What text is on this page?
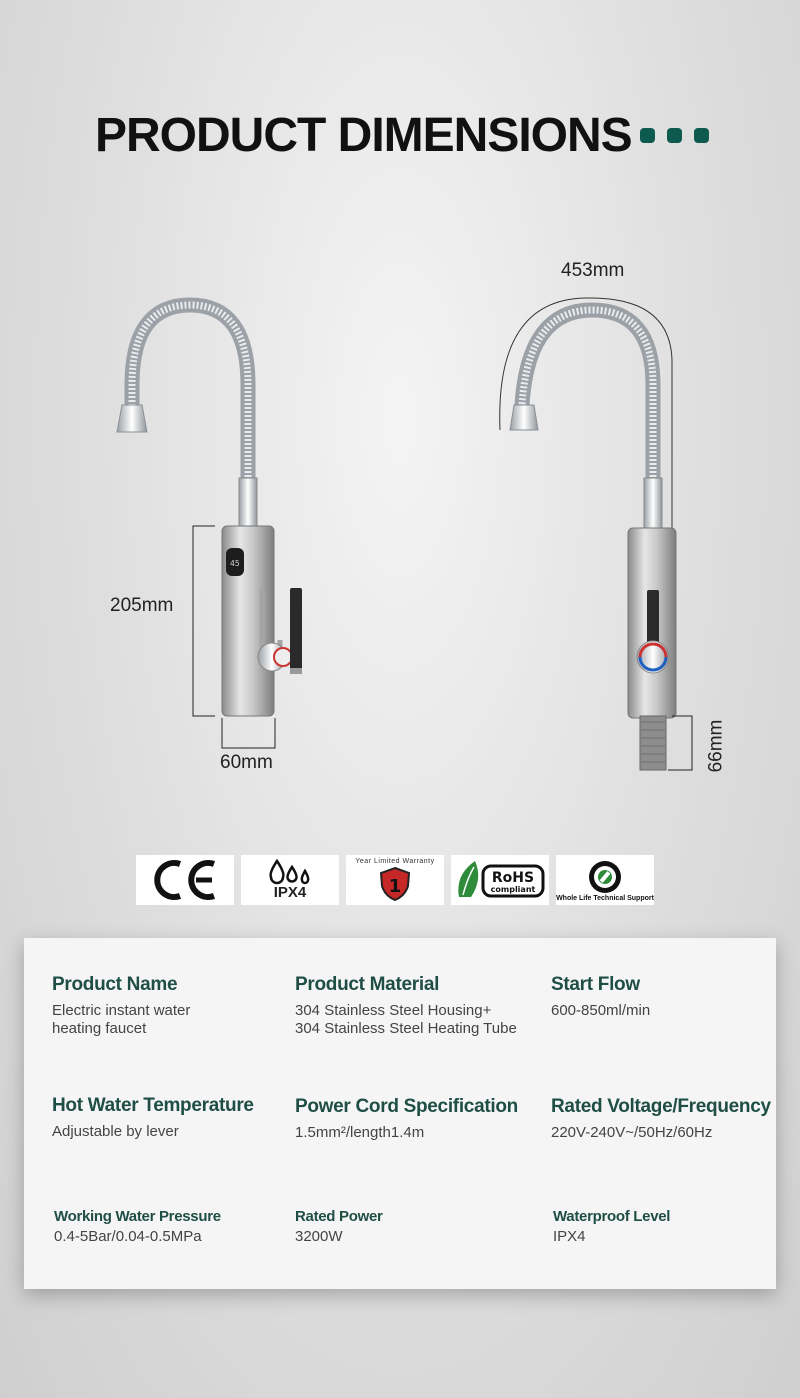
PRODUCT DIMENSIONS
45
205mm
60mm
453mm
66mm
IPX4
Year Limited Warranty
1	RoHS
compliant
Whole Life Technical Support
Product Name
Electric instant water
heating faucet
Product Material
304 Stainless Steel Housing+
304 Stainless Steel Heating Tube
Start Flow
600-850ml/min
Hot Water Temperature
Adjustable by lever
Power Cord Specification
1.5mm²/length1.4m
Rated Voltage/Frequency
220V-240V~/50Hz/60Hz
Working Water Pressure
0.4-5Bar/0.04-0.5MPa
Rated Power
3200W
Waterproof Level
IPX4
